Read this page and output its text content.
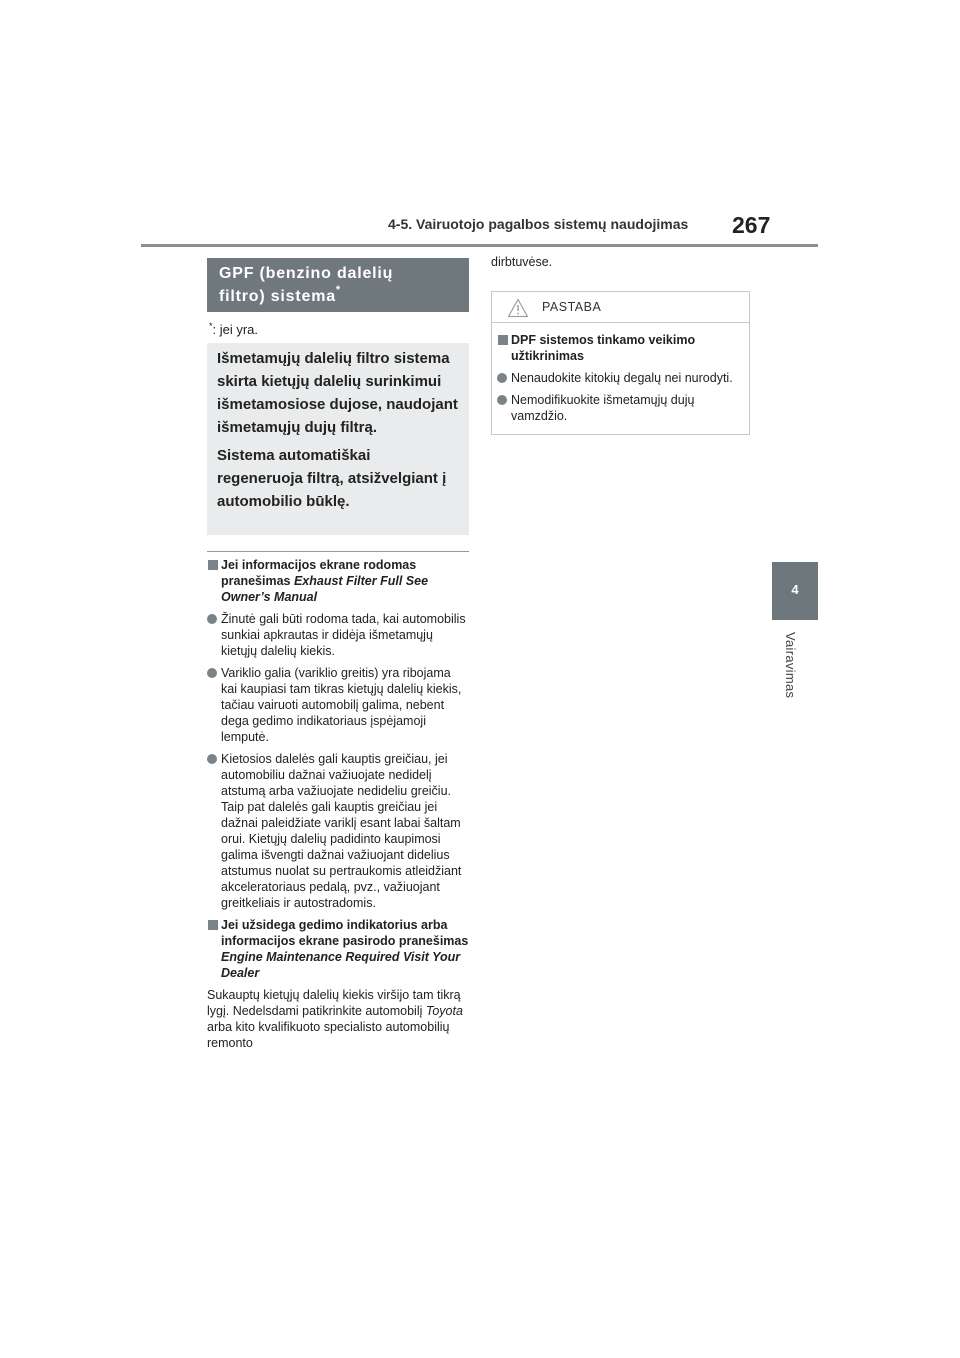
4-5. Vairuotojo pagalbos sistemų naudojimas 267
4
Vairavimas
GPF (benzino dalelių
filtro) sistema*
*: jei yra.

Išmetamųjų dalelių filtro sistema skirta kietųjų dalelių surinkimui išmetamosiose dujose, naudojant išmetamųjų dujų filtrą.

Sistema automatiškai regeneruoja filtrą, atsižvelgiant į automobilio būklę.

Jei informacijos ekrane rodomas pranešimas Exhaust Filter Full See Owner’s Manual
Žinutė gali būti rodoma tada, kai automobilis sunkiai apkrautas ir didėja išmetamųjų kietųjų dalelių kiekis.
Variklio galia (variklio greitis) yra ribojama kai kaupiasi tam tikras kietųjų dalelių kiekis, tačiau vairuoti automobilį galima, nebent dega gedimo indikatoriaus įspėjamoji lemputė.
Kietosios dalelės gali kauptis greičiau, jei automobiliu dažnai važiuojate nedidelį atstumą arba važiuojate nedideliu greičiu. Taip pat dalelės gali kauptis greičiau jei dažnai paleidžiate variklį esant labai šaltam orui. Kietųjų dalelių padidinto kaupimosi galima išvengti dažnai važiuojant didelius atstumus nuolat su pertraukomis atleidžiant akceleratoriaus pedalą, pvz., važiuojant greitkeliais ir autostradomis.
Jei užsidega gedimo indikatorius arba informacijos ekrane pasirodo pranešimas Engine Maintenance Required Visit Your Dealer

Sukauptų kietųjų dalelių kiekis viršijo tam tikrą lygį. Nedelsdami patikrinkite automobilį Toyota arba kito kvalifikuoto specialisto automobilių remonto

dirbtuvėse.

PASTABA
DPF sistemos tinkamo veikimo užtikrinimas
Nenaudokite kitokių degalų nei nurodyti.
Nemodifikuokite išmetamųjų dujų vamzdžio.
